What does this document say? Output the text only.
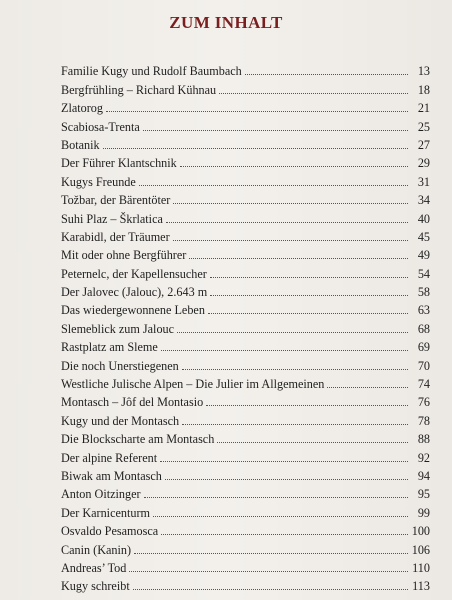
ZUM INHALT
Familie Kugy und Rudolf Baumbach	13
Bergfrühling – Richard Kühnau	18
Zlatorog	21
Scabiosa-Trenta	25
Botanik	27
Der Führer Klantschnik	29
Kugys Freunde	31
Tožbar, der Bärentöter	34
Suhi Plaz – Škrlatica	40
Karabidl, der Träumer	45
Mit oder ohne Bergführer	49
Peternelc, der Kapellensucher	54
Der Jalovec (Jalouc), 2.643 m	58
Das wiedergewonnene Leben	63
Slemeblick zum Jalouc	68
Rastplatz am Sleme	69
Die noch Unerstiegenen	70
Westliche Julische Alpen – Die Julier im Allgemeinen	74
Montasch – Jôf del Montasio	76
Kugy und der Montasch	78
Die Blockscharte am Montasch	88
Der alpine Referent	92
Biwak am Montasch	94
Anton Oitzinger	95
Der Karnicenturm	99
Osvaldo Pesamosca	100
Canin (Kanin)	106
Andreas’ Tod	110
Kugy schreibt	113
